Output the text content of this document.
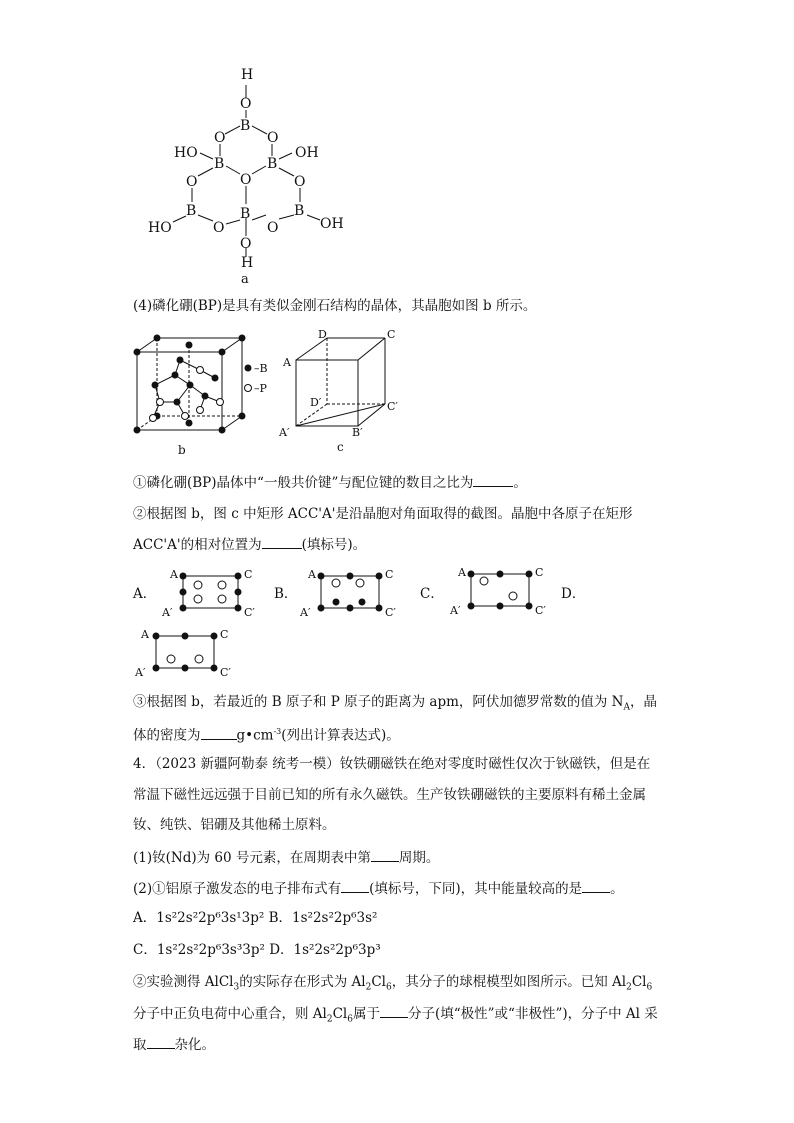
H
O
B
O	O
HO
B
O
B
OH
O	O
B	B	B
HO	O	O	OH
O
H
a
(4)磷化硼(BP)是具有类似金刚石结构的晶体，其晶胞如图 b 所示。
–B
–P
b
D	C
A
D′	C′
A′	B′
c
①磷化硼(BP)晶体中“一般共价键”与配位键的数目之比为	。
②根据图 b，图 c 中矩形 ACC'A'是沿晶胞对角面取得的截图。晶胞中各原子在矩形
ACC'A'的相对位置为	(填标号)。
A．
A	C
A′	C′
B．
A	C
A′	C′
C．
A	C
A′	C′
D．
A	C
A′	C′
③根据图 b，若最近的 B 原子和 P 原子的距离为 apm，阿伏加德罗常数的值为 $N_A$，晶
体的密度为	$g•cm^{-3}$(列出计算表达式)。
4．（2023 新疆阿勒泰 统考一模）钕铁硼磁铁在绝对零度时磁性仅次于钬磁铁，但是在
常温下磁性远远强于目前已知的所有永久磁铁。生产钕铁硼磁铁的主要原料有稀土金属
钕、纯铁、铝硼及其他稀土原料。
(1)钕(Nd)为 60 号元素，在周期表中第 周期。
(2)①铝原子激发态的电子排布式有 (填标号，下同)，其中能量较高的是 。
A．1s²2s²2p⁶3s¹3p² B．1s²2s²2p⁶3s²
C．1s²2s²2p⁶3s³3p² D．1s²2s²2p⁶3p³
②实验测得 AlCl$_3$的实际存在形式为 $Al_2Cl_6$，其分子的球棍模型如图所示。已知 $Al_2Cl_6$
分子中正负电荷中心重合，则 $Al_2Cl_6$属于 分子(填“极性”或“非极性”)，分子中 Al 采
取 杂化。
